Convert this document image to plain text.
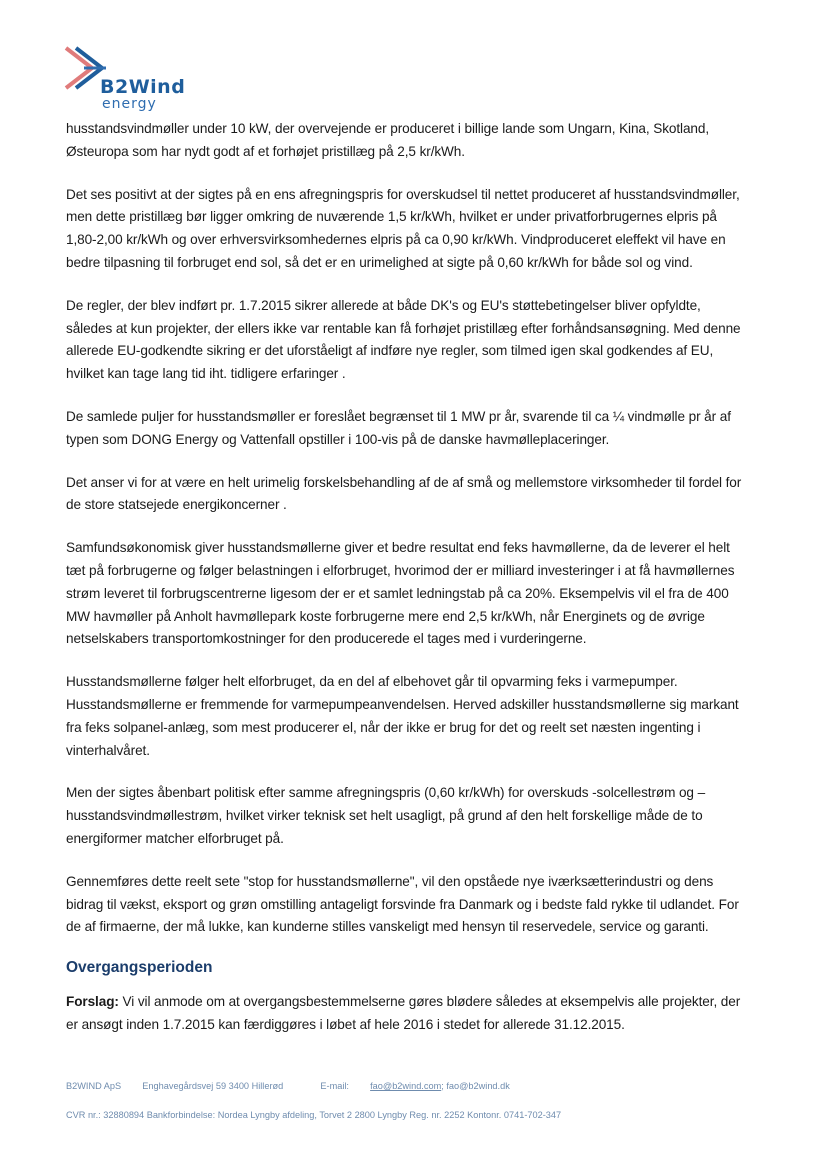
B2Wind
energy

husstandsvindmøller under 10 kW, der overvejende er produceret i billige lande som Ungarn, Kina, Skotland, Østeuropa som har nydt godt af et forhøjet pristillæg på 2,5 kr/kWh.

Det ses positivt at der sigtes på en ens afregningspris for overskudsel til nettet produceret af husstandsvindmøller, men dette pristillæg bør ligger omkring de nuværende 1,5 kr/kWh, hvilket er under privatforbrugernes elpris på 1,80-2,00 kr/kWh og over erhversvirksomhedernes elpris på ca 0,90 kr/kWh. Vindproduceret eleffekt vil have en bedre tilpasning til forbruget end sol, så det er en urimelighed at sigte på 0,60 kr/kWh for både sol og vind.

De regler, der blev indført pr. 1.7.2015 sikrer allerede at både DK's og EU's støttebetingelser bliver opfyldte, således at kun projekter, der ellers ikke var rentable kan få forhøjet pristillæg efter forhåndsansøgning. Med denne allerede EU-godkendte sikring er det uforståeligt af indføre nye regler, som tilmed igen skal godkendes af EU, hvilket kan tage lang tid iht. tidligere erfaringer .

De samlede puljer for husstandsmøller er foreslået begrænset til 1 MW pr år, svarende til ca ¼ vindmølle pr år af typen som DONG Energy og Vattenfall opstiller i 100-vis på de danske havmølleplaceringer.

Det anser vi for at være en helt urimelig forskelsbehandling af de af små og mellemstore virksomheder til fordel for de store statsejede energikoncerner .

Samfundsøkonomisk giver husstandsmøllerne giver et bedre resultat end feks havmøllerne, da de leverer el helt tæt på forbrugerne og følger belastningen i elforbruget, hvorimod der er milliard investeringer i at få havmøllernes strøm leveret til forbrugscentrerne ligesom der er et samlet ledningstab på ca 20%. Eksempelvis vil el fra de 400 MW havmøller på Anholt havmøllepark koste forbrugerne mere end 2,5 kr/kWh, når Energinets og de øvrige netselskabers transportomkostninger for den producerede el tages med i vurderingerne.

Husstandsmøllerne følger helt elforbruget, da en del af elbehovet går til opvarming feks i varmepumper. Husstandsmøllerne er fremmende for varmepumpeanvendelsen. Herved adskiller husstandsmøllerne sig markant fra feks solpanel-anlæg, som mest producerer el, når der ikke er brug for det og reelt set næsten ingenting i vinterhalvåret.

Men der sigtes åbenbart politisk efter samme afregningspris (0,60 kr/kWh) for overskuds -solcellestrøm og – husstandsvindmøllestrøm, hvilket virker teknisk set helt usagligt, på grund af den helt forskellige måde de to energiformer matcher elforbruget på.

Gennemføres dette reelt sete "stop for husstandsmøllerne", vil den opståede nye iværksætterindustri og dens bidrag til vækst, eksport og grøn omstilling antageligt forsvinde fra Danmark og i bedste fald rykke til udlandet. For de af firmaerne, der må lukke, kan kunderne stilles vanskeligt med hensyn til reservedele, service og garanti.

Overgangsperioden

Forslag: Vi vil anmode om at overgangsbestemmelserne gøres blødere således at eksempelvis alle projekter, der er ansøgt inden 1.7.2015 kan færdiggøres i løbet af hele 2016 i stedet for allerede 31.12.2015.

B2WIND ApS Enghavegårdsvej 59 3400 Hillerød	E-mail: fao@b2wind.com; fao@b2wind.dk
CVR nr.: 32880894 Bankforbindelse: Nordea Lyngby afdeling, Torvet 2 2800 Lyngby Reg. nr. 2252 Kontonr. 0741-702-347
